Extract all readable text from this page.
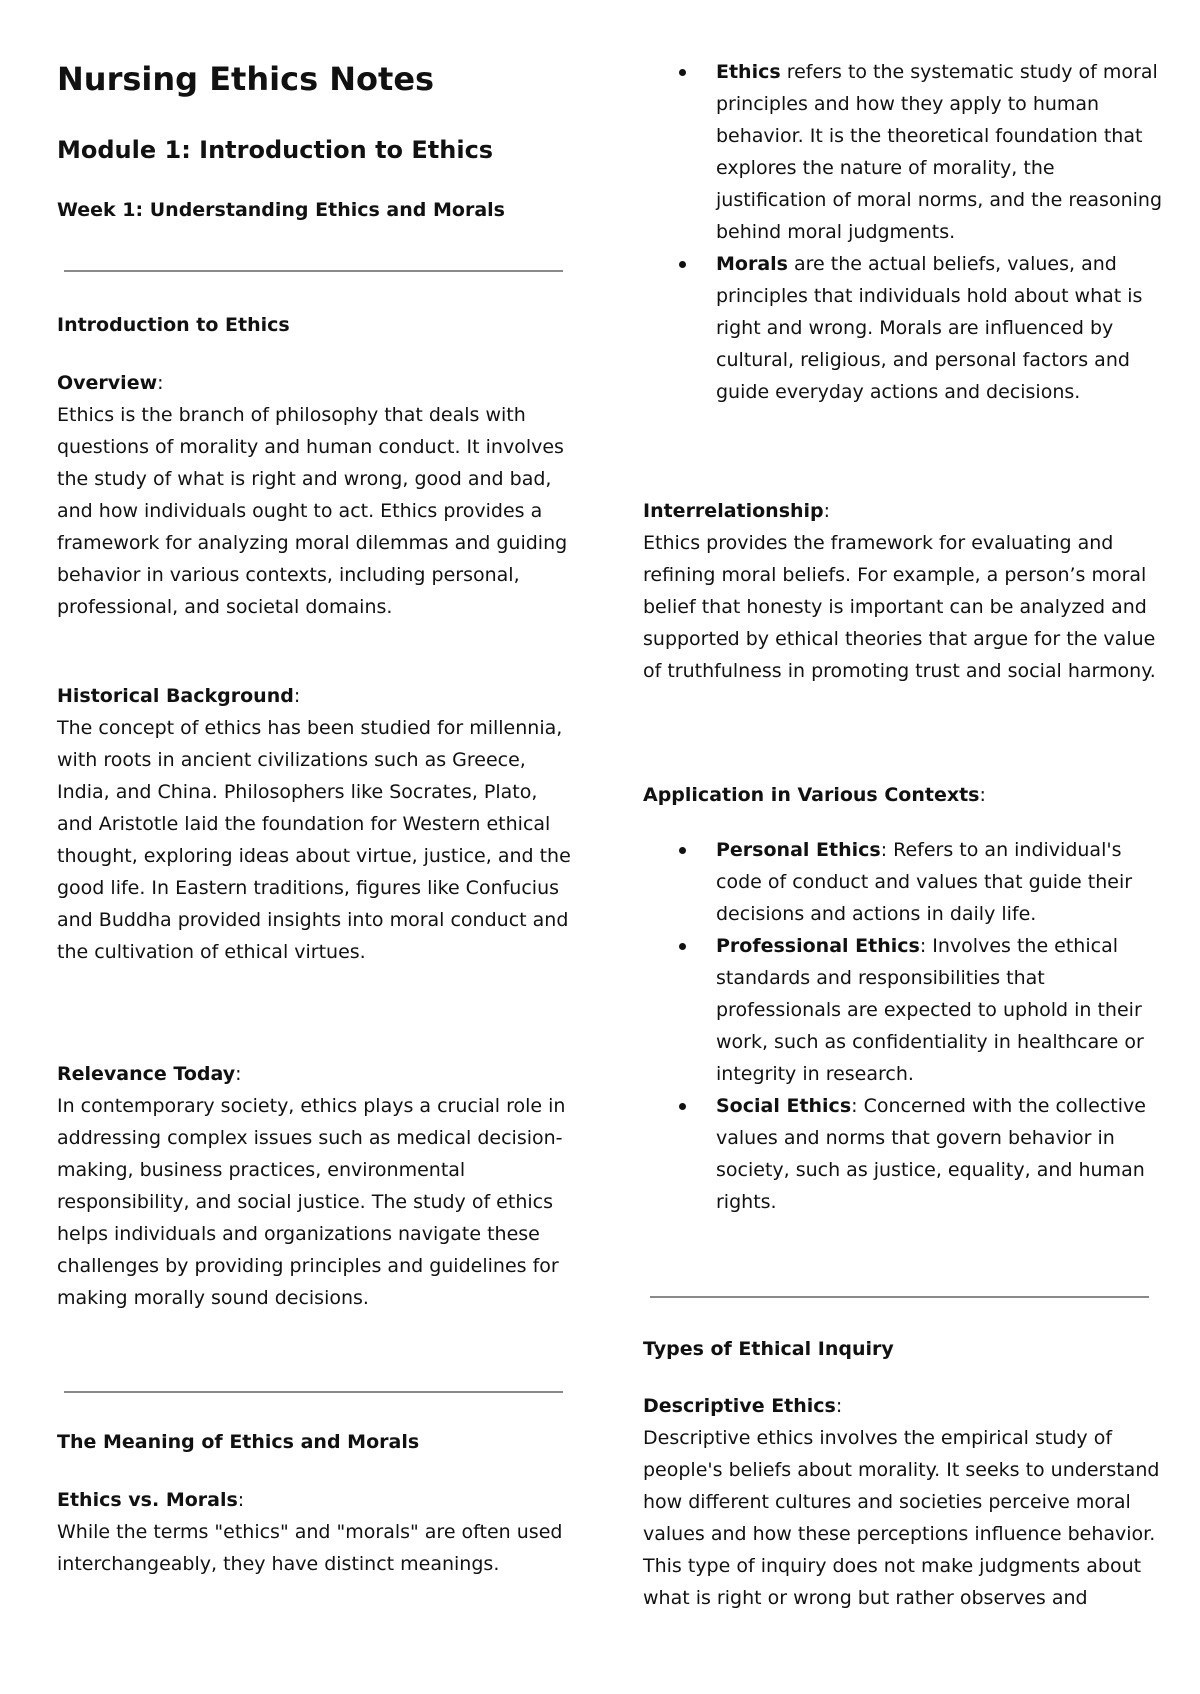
Nursing Ethics Notes
Module 1: Introduction to Ethics
Week 1: Understanding Ethics and Morals
Introduction to Ethics

Overview:
Ethics is the branch of philosophy that deals with questions of morality and human conduct. It involves the study of what is right and wrong, good and bad, and how individuals ought to act. Ethics provides a framework for analyzing moral dilemmas and guiding behavior in various contexts, including personal, professional, and societal domains.

Historical Background:
The concept of ethics has been studied for millennia, with roots in ancient civilizations such as Greece, India, and China. Philosophers like Socrates, Plato, and Aristotle laid the foundation for Western ethical thought, exploring ideas about virtue, justice, and the good life. In Eastern traditions, figures like Confucius and Buddha provided insights into moral conduct and the cultivation of ethical virtues.

Relevance Today:
In contemporary society, ethics plays a crucial role in addressing complex issues such as medical decision-making, business practices, environmental responsibility, and social justice. The study of ethics helps individuals and organizations navigate these challenges by providing principles and guidelines for making morally sound decisions.

The Meaning of Ethics and Morals

Ethics vs. Morals:
While the terms "ethics" and "morals" are often used interchangeably, they have distinct meanings.

Ethics refers to the systematic study of moral principles and how they apply to human behavior. It is the theoretical foundation that explores the nature of morality, the justification of moral norms, and the reasoning behind moral judgments.
Morals are the actual beliefs, values, and principles that individuals hold about what is right and wrong. Morals are influenced by cultural, religious, and personal factors and guide everyday actions and decisions.

Interrelationship:
Ethics provides the framework for evaluating and refining moral beliefs. For example, a person’s moral belief that honesty is important can be analyzed and supported by ethical theories that argue for the value of truthfulness in promoting trust and social harmony.

Application in Various Contexts:

Personal Ethics: Refers to an individual's code of conduct and values that guide their decisions and actions in daily life.
Professional Ethics: Involves the ethical standards and responsibilities that professionals are expected to uphold in their work, such as confidentiality in healthcare or integrity in research.
Social Ethics: Concerned with the collective values and norms that govern behavior in society, such as justice, equality, and human rights.
Types of Ethical Inquiry

Descriptive Ethics:
Descriptive ethics involves the empirical study of people's beliefs about morality. It seeks to understand how different cultures and societies perceive moral values and how these perceptions influence behavior. This type of inquiry does not make judgments about what is right or wrong but rather observes and
